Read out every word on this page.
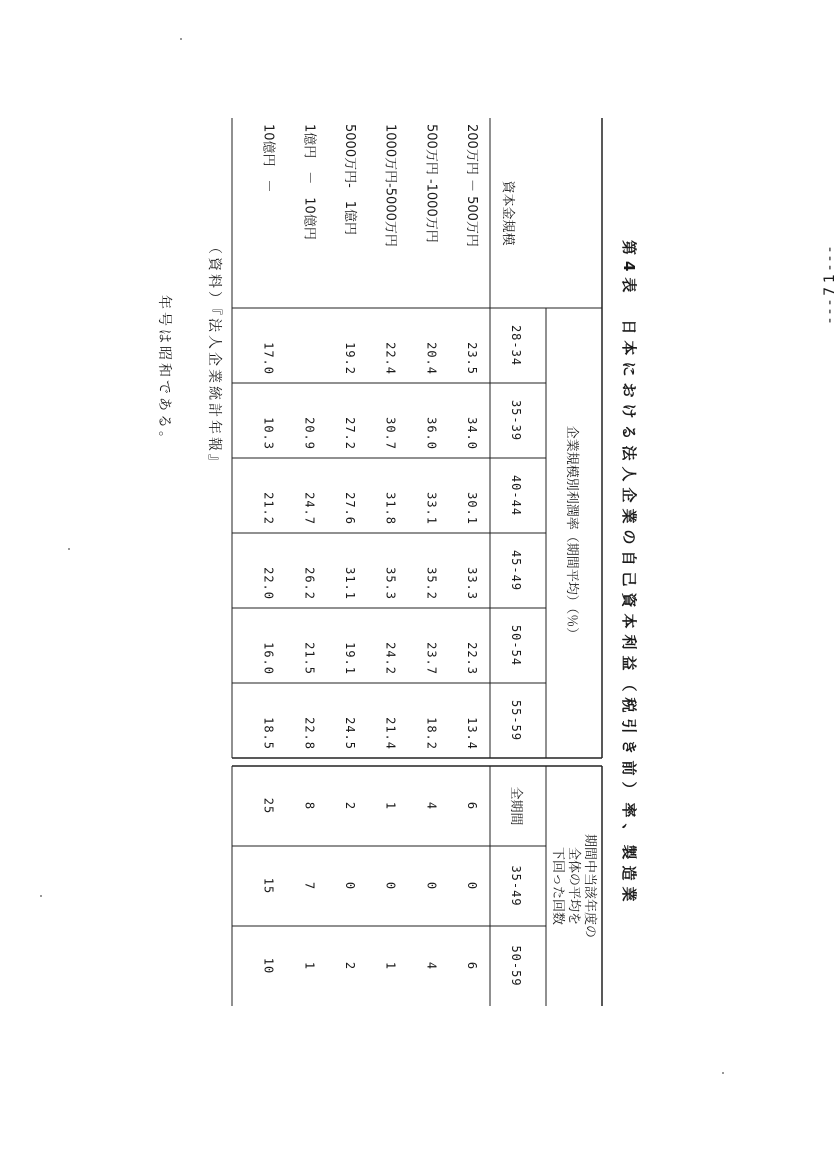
第4表　日本における法人企業の自己資本利益（税引き前）率、製造業
資本金規模
企業規模別利潤率（期間平均）（％）
期間中当該年度の
全体の平均を
下回った回数
28-34
35-39
40-44
45-49
50-54
55-59
全期間
35-49
50-59
200万円 － 500万円
23.5
34.0
30.1
33.3
22.3
13.4
6
0
6
500万円 -1000万円
20.4
36.0
33.1
35.2
23.7
18.2
4
0
4
1000万円-5000万円
22.4
30.7
31.8
35.3
24.2
21.4
1
0
1
5000万円-　1億円
19.2
27.2
27.6
31.1
19.1
24.5
2
0
2
1億円　－　10億円
20.9
24.7
26.2
21.5
22.8
8
7
1
10億円　－
17.0
10.3
21.2
22.0
16.0
18.5
25
15
10
（資料）『法人企業統計年報』
年号は昭和である。
---71---
